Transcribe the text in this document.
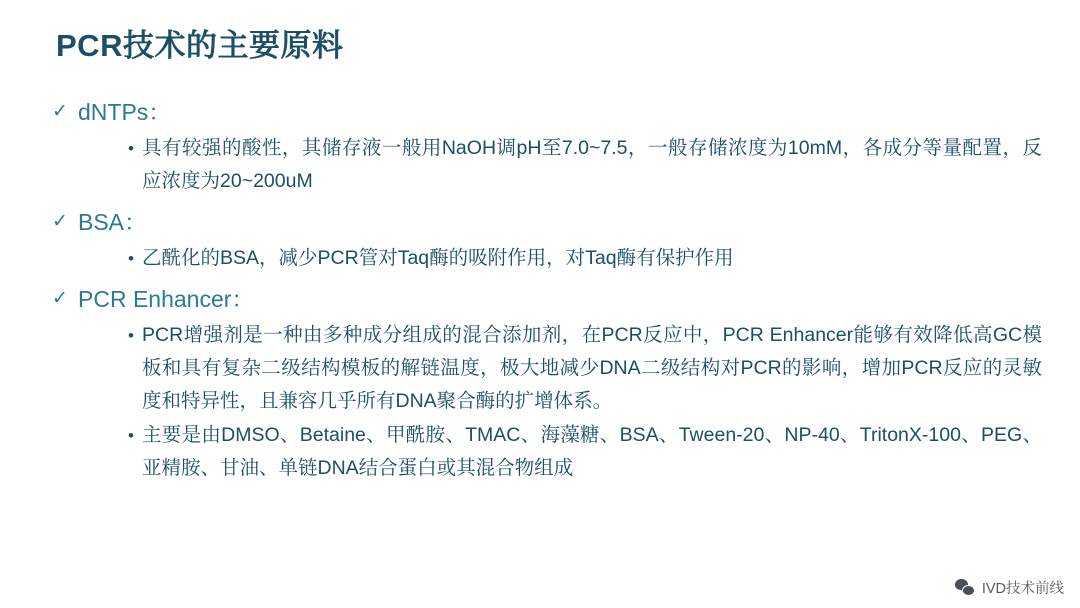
PCR技术的主要原料
✓ dNTPs：
• 具有较强的酸性，其储存液一般用NaOH调pH至7.0~7.5，一般存储浓度为10mM，各成分等量配置，反应浓度为20~200uM
✓ BSA：
• 乙酰化的BSA，减少PCR管对Taq酶的吸附作用，对Taq酶有保护作用
✓ PCR Enhancer：
• PCR增强剂是一种由多种成分组成的混合添加剂，在PCR反应中，PCR Enhancer能够有效降低高GC模板和具有复杂二级结构模板的解链温度，极大地减少DNA二级结构对PCR的影响，增加PCR反应的灵敏度和特异性，且兼容几乎所有DNA聚合酶的扩增体系。
• 主要是由DMSO、Betaine、甲酰胺、TMAC、海藻糖、BSA、Tween-20、NP-40、TritonX-100、PEG、亚精胺、甘油、单链DNA结合蛋白或其混合物组成
IVD技术前线
